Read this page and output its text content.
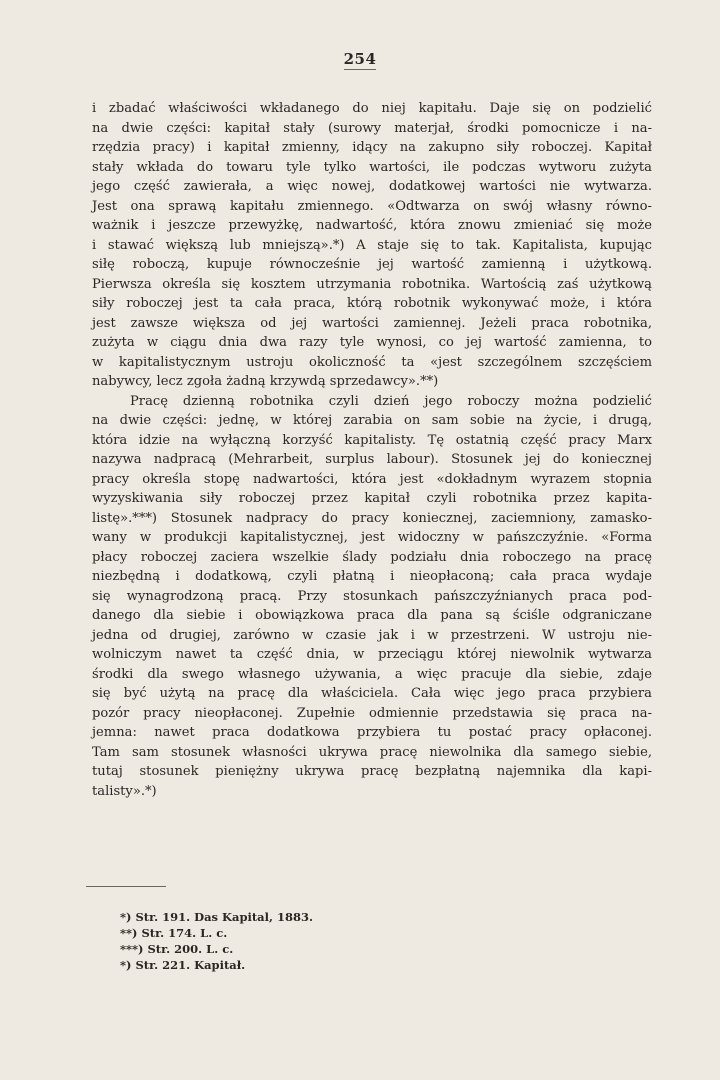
254
i zbadać właściwości wkładanego do niej kapitału. Daje się on podzielić
na dwie części: kapitał stały (surowy materjał, środki pomocnicze i na-
rzędzia pracy) i kapitał zmienny, idący na zakupno siły roboczej. Kapitał
stały wkłada do towaru tyle tylko wartości, ile podczas wytworu zużyta
jego część zawierała, a więc nowej, dodatkowej wartości nie wytwarza.
Jest ona sprawą kapitału zmiennego. «Odtwarza on swój własny równo-
ważnik i jeszcze przewyżkę, nadwartość, która znowu zmieniać się może
i stawać większą lub mniejszą».*) A staje się to tak. Kapitalista, kupując
siłę roboczą, kupuje równocześnie jej wartość zamienną i użytkową.
Pierwsza określa się kosztem utrzymania robotnika. Wartością zaś użytkową
siły roboczej jest ta cała praca, którą robotnik wykonywać może, i która
jest zawsze większa od jej wartości zamiennej. Jeżeli praca robotnika,
zużyta w ciągu dnia dwa razy tyle wynosi, co jej wartość zamienna, to
w kapitalistycznym ustroju okoliczność ta «jest szczególnem szczęściem
nabywcy, lecz zgoła żadną krzywdą sprzedawcy».**)
Pracę dzienną robotnika czyli dzień jego roboczy można podzielić
na dwie części: jednę, w której zarabia on sam sobie na życie, i drugą,
która idzie na wyłączną korzyść kapitalisty. Tę ostatnią część pracy Marx
nazywa nadpracą (Mehrarbeit, surplus labour). Stosunek jej do koniecznej
pracy określa stopę nadwartości, która jest «dokładnym wyrazem stopnia
wyzyskiwania siły roboczej przez kapitał czyli robotnika przez kapita-
listę».***) Stosunek nadpracy do pracy koniecznej, zaciemniony, zamasko-
wany w produkcji kapitalistycznej, jest widoczny w pańszczyźnie. «Forma
płacy roboczej zaciera wszelkie ślady podziału dnia roboczego na pracę
niezbędną i dodatkową, czyli płatną i nieopłaconą; cała praca wydaje
się wynagrodzoną pracą. Przy stosunkach pańszczyźnianych praca pod-
danego dla siebie i obowiązkowa praca dla pana są ściśle odgraniczane
jedna od drugiej, zarówno w czasie jak i w przestrzeni. W ustroju nie-
wolniczym nawet ta część dnia, w przeciągu której niewolnik wytwarza
środki dla swego własnego używania, a więc pracuje dla siebie, zdaje
się być użytą na pracę dla właściciela. Cała więc jego praca przybiera
pozór pracy nieopłaconej. Zupełnie odmiennie przedstawia się praca na-
jemna: nawet praca dodatkowa przybiera tu postać pracy opłaconej.
Tam sam stosunek własności ukrywa pracę niewolnika dla samego siebie,
tutaj stosunek pieniężny ukrywa pracę bezpłatną najemnika dla kapi-
talisty».*)
*) Str. 191. Das Kapital, 1883.
**) Str. 174. L. c.
***) Str. 200. L. c.
*) Str. 221. Kapitał.
